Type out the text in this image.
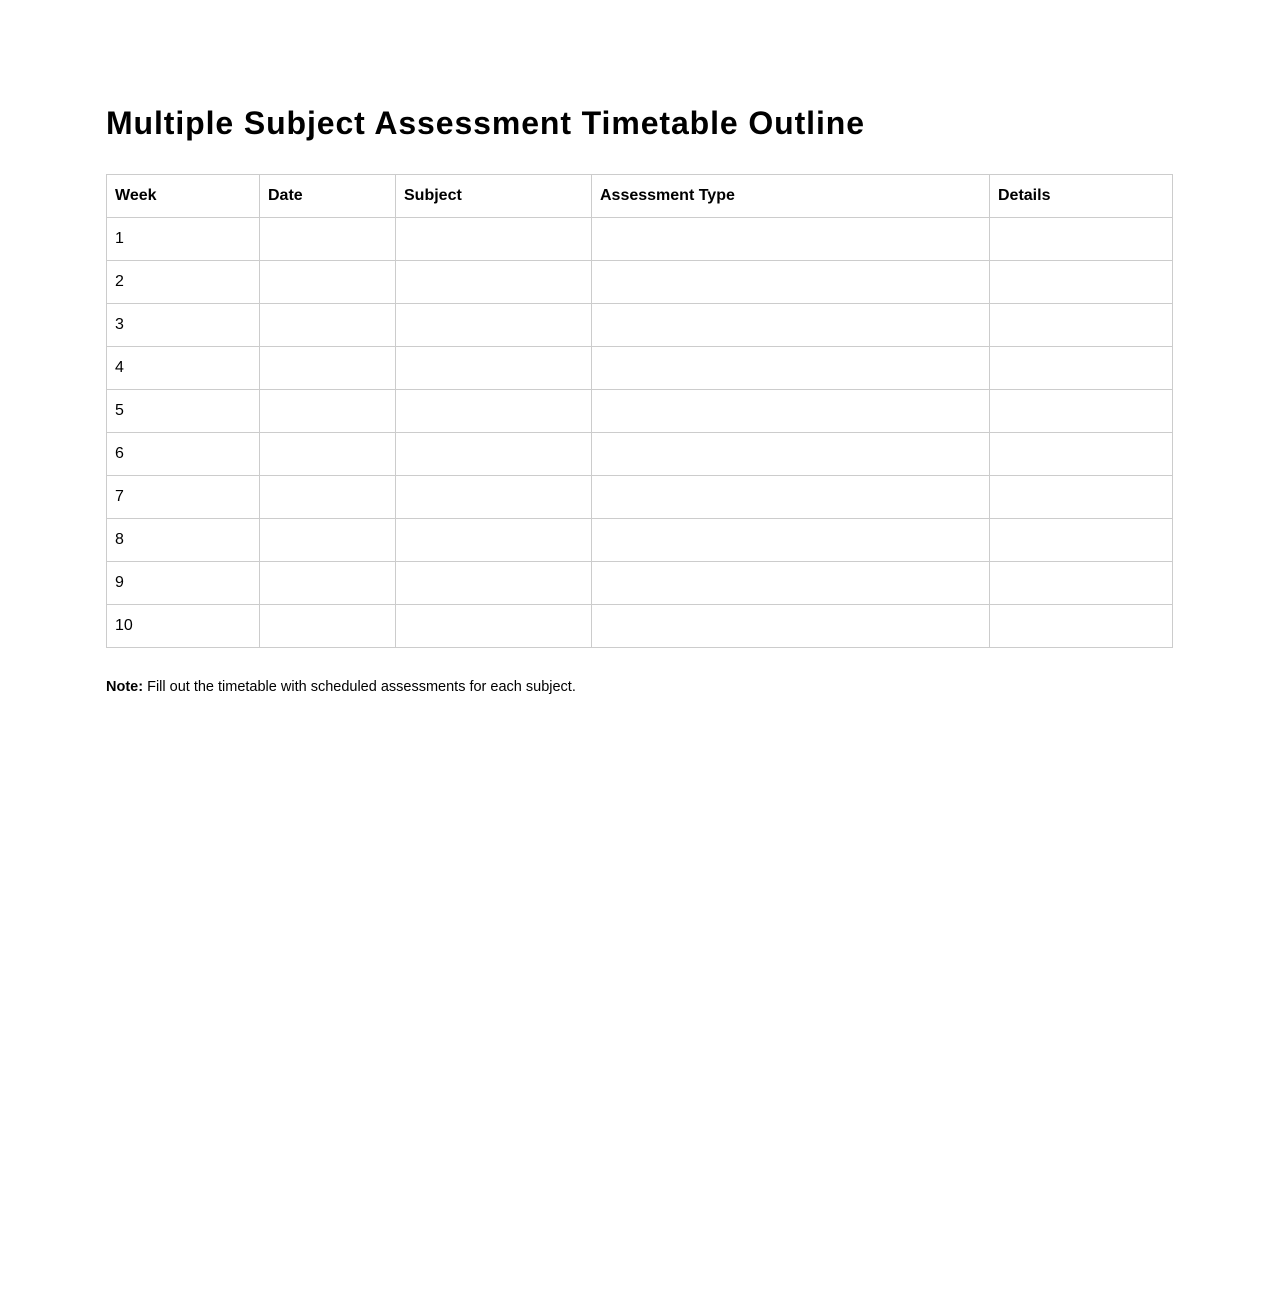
Multiple Subject Assessment Timetable Outline
Week	Date	Subject	Assessment Type	Details
1				
2				
3				
4				
5				
6				
7				
8				
9				
10				
Note: Fill out the timetable with scheduled assessments for each subject.
